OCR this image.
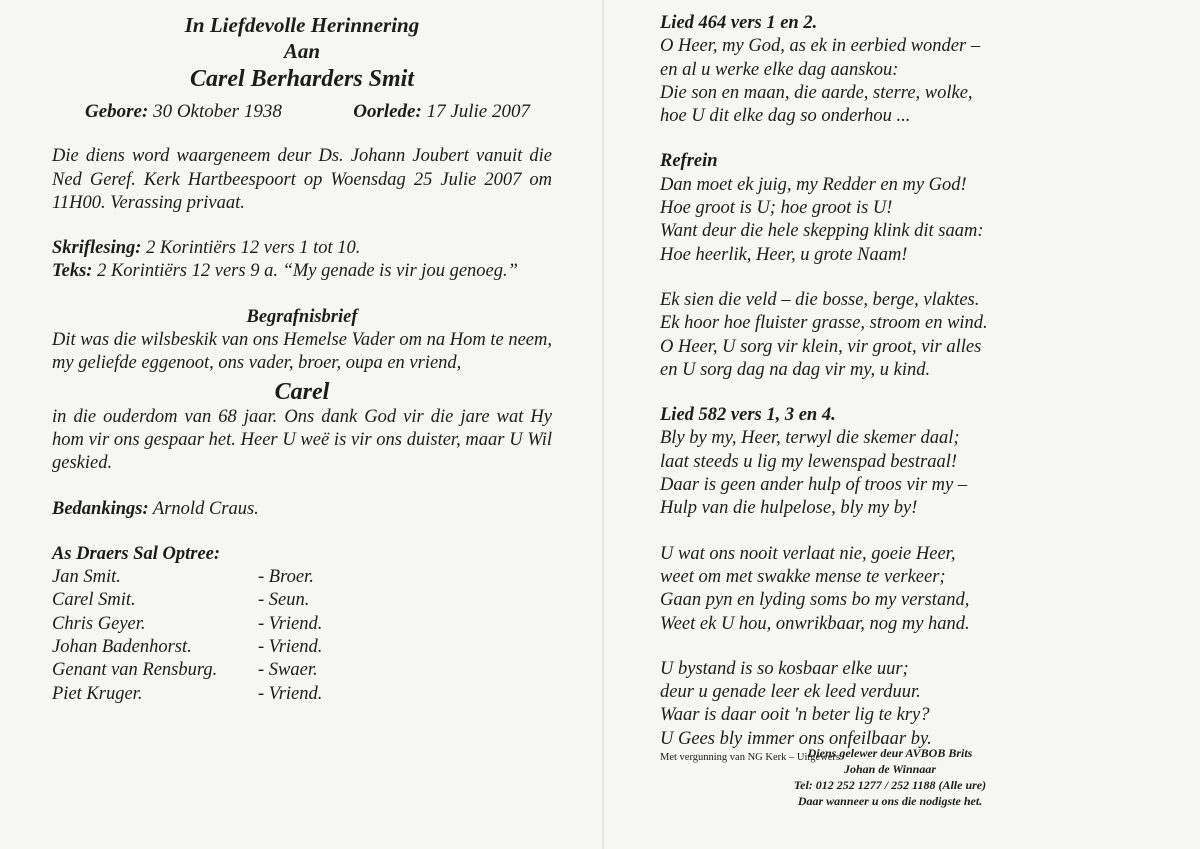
In Liefdevolle Herinnering
Aan
Carel Berharders Smit
Gebore: 30 Oktober 1938	Oorlede: 17 Julie 2007

Die diens word waargeneem deur Ds. Johann Joubert vanuit die Ned Geref. Kerk Hartbeespoort op Woensdag 25 Julie 2007 om 11H00. Verassing privaat.

Skriflesing: 2 Korintiërs 12 vers 1 tot 10.

Teks: 2 Korintiërs 12 vers 9 a. “My genade is vir jou genoeg.”

Begrafnisbrief

Dit was die wilsbeskik van ons Hemelse Vader om na Hom te neem, my geliefde eggenoot, ons vader, broer, oupa en vriend,

Carel

in die ouderdom van 68 jaar. Ons dank God vir die jare wat Hy hom vir ons gespaar het. Heer U weë is vir ons duister, maar U Wil geskied.

Bedankings: Arnold Craus.

As Draers Sal Optree:
Jan Smit.	- Broer.
Carel Smit.	- Seun.
Chris Geyer.	- Vriend.
Johan Badenhorst.	- Vriend.
Genant van Rensburg.	- Swaer.
Piet Kruger.	- Vriend.
Lied 464 vers 1 en 2.
O Heer, my God, as ek in eerbied wonder –
en al u werke elke dag aanskou:
Die son en maan, die aarde, sterre, wolke,
hoe U dit elke dag so onderhou ...
Refrein
Dan moet ek juig, my Redder en my God!
Hoe groot is U; hoe groot is U!
Want deur die hele skepping klink dit saam:
Hoe heerlik, Heer, u grote Naam!
Ek sien die veld – die bosse, berge, vlaktes.
Ek hoor hoe fluister grasse, stroom en wind.
O Heer, U sorg vir klein, vir groot, vir alles
en U sorg dag na dag vir my, u kind.
Lied 582 vers 1, 3 en 4.
Bly by my, Heer, terwyl die skemer daal;
laat steeds u lig my lewenspad bestraal!
Daar is geen ander hulp of troos vir my –
Hulp van die hulpelose, bly my by!
U wat ons nooit verlaat nie, goeie Heer,
weet om met swakke mense te verkeer;
Gaan pyn en lyding soms bo my verstand,
Weet ek U hou, onwrikbaar, nog my hand.
U bystand is so kosbaar elke uur;
deur u genade leer ek leed verduur.
Waar is daar ooit 'n beter lig te kry?
U Gees bly immer ons onfeilbaar by.
Met vergunning van NG Kerk – Uitgewers
Diens gelewer deur AVBOB Brits
Johan de Winnaar
Tel: 012 252 1277 / 252 1188 (Alle ure)
Daar wanneer u ons die nodigste het.
